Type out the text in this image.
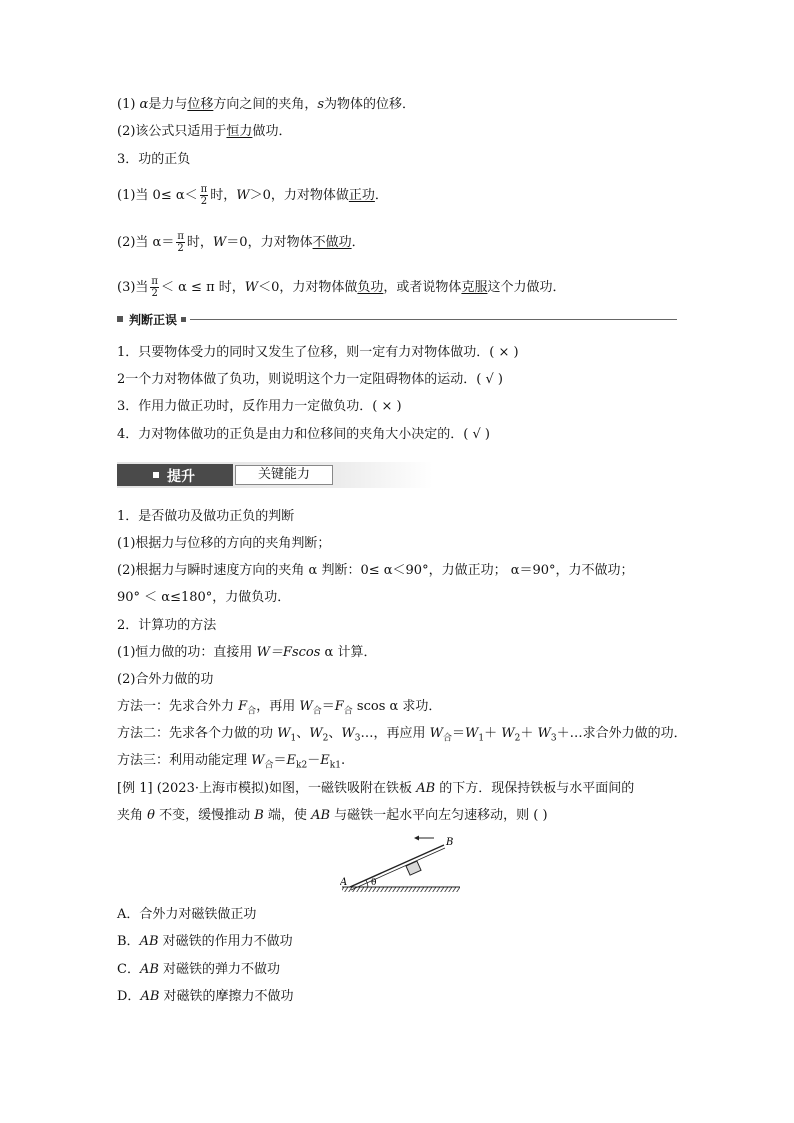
(1) α是力与位移方向之间的夹角，s为物体的位移．
(2)该公式只适用于恒力做功．
3．功的正负
(1)当 $0\le \alpha< \frac{\pi}{2}$ 时，W＞0，力对物体做正功．
(2)当 $\alpha= \frac{\pi}{2}$ 时，W＝0，力对物体不做功．
(3)当 $\frac{\pi}{2} < \alpha \le \pi$ 时，W＜0，力对物体做负功，或者说物体克服这个力做功．
判断正误
1．只要物体受力的同时又发生了位移，则一定有力对物体做功．( × )
2一个力对物体做了负功，则说明这个力一定阻碍物体的运动．( √ )
3．作用力做正功时，反作用力一定做负功．( × )
4．力对物体做功的正负是由力和位移间的夹角大小决定的．( √ )
提升	关键能力
1．是否做功及做功正负的判断
(1)根据力与位移的方向的夹角判断；
(2)根据力与瞬时速度方向的夹角 α 判断：0≤ α＜90°，力做正功； α＝90°，力不做功；
90° ＜ α≤180°，力做负功．
2．计算功的方法
(1)恒力做的功：直接用 W＝Fscos α 计算．
(2)合外力做的功
方法一：先求合外力 $F_合$，再用 $W_合=F_合$ scos α 求功．
方法二：先求各个力做的功 $W_1$、$W_2$、$W_3\dots$，再应用 $W_合=W_1+ W_2+$ $W_3+\dots$求合外力做的功．
方法三：利用动能定理 $W_合=E_{k2}-E_{k1}$.
[例 1] (2023·上海市模拟)如图，一磁铁吸附在铁板 AB 的下方．现保持铁板与水平面间的
夹角 θ 不变，缓慢推动 B 端，使 AB 与磁铁一起水平向左匀速移动，则 ( )
A
B
θ
A．合外力对磁铁做正功
B．AB 对磁铁的作用力不做功
C．AB 对磁铁的弹力不做功
D．AB 对磁铁的摩擦力不做功
